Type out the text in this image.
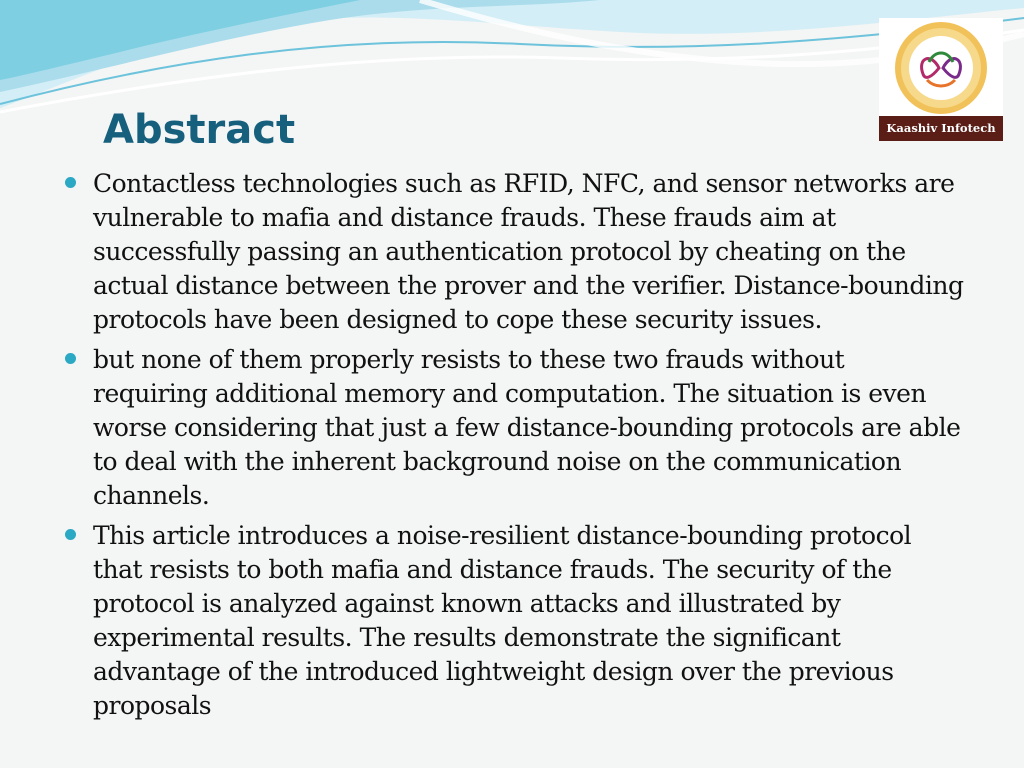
Abstract	Kaashiv Infotech
Contactless technologies such as RFID, NFC, and sensor networks are vulnerable to mafia and distance frauds. These frauds aim at successfully passing an authentication protocol by cheating on the actual distance between the prover and the verifier. Distance-bounding protocols have been designed to cope these security issues.
but none of them properly resists to these two frauds without requiring additional memory and computation. The situation is even worse considering that just a few distance-bounding protocols are able to deal with the inherent background noise on the communication channels.
This article introduces a noise-resilient distance-bounding protocol that resists to both mafia and distance frauds. The security of the protocol is analyzed against known attacks and illustrated by experimental results. The results demonstrate the significant advantage of the introduced lightweight design over the previous proposals
